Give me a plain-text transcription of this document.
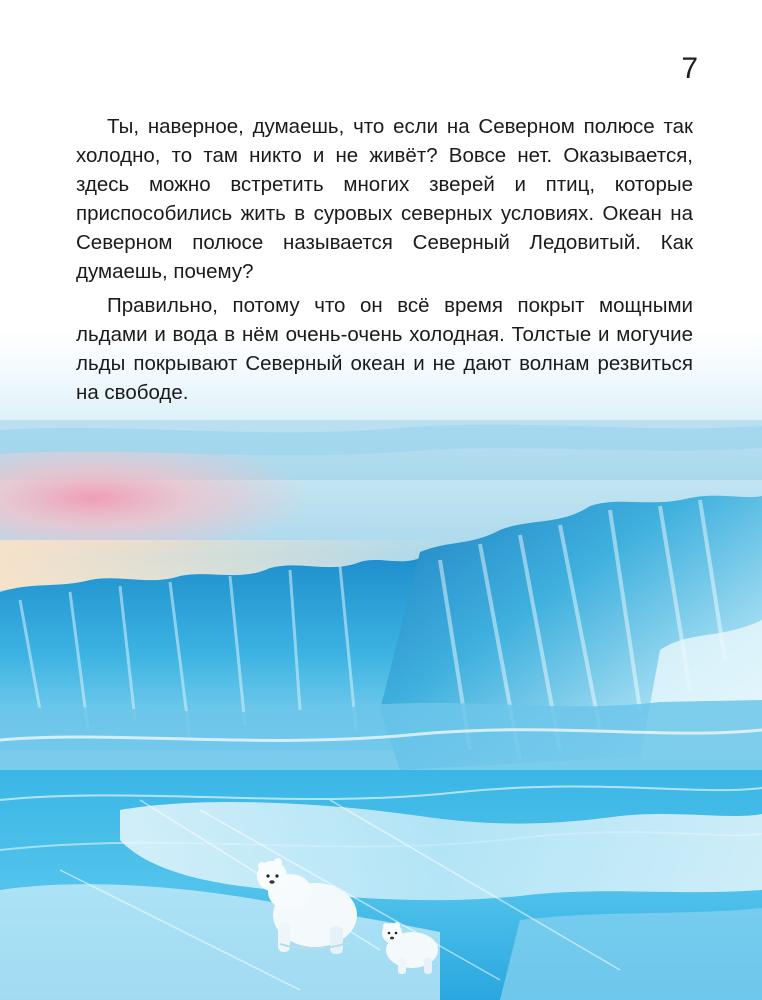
7

Ты, наверное, думаешь, что если на Северном полюсе так холодно, то там никто и не живёт? Вовсе нет. Оказывается, здесь можно встретить многих зверей и птиц, которые приспособились жить в суровых северных условиях. Океан на Северном полюсе называется Северный Ледовитый. Как думаешь, почему?

Правильно, потому что он всё время покрыт мощными льдами и вода в нём очень-очень холодная. Толстые и могучие льды покрывают Северный океан и не дают волнам резвиться на свободе.
